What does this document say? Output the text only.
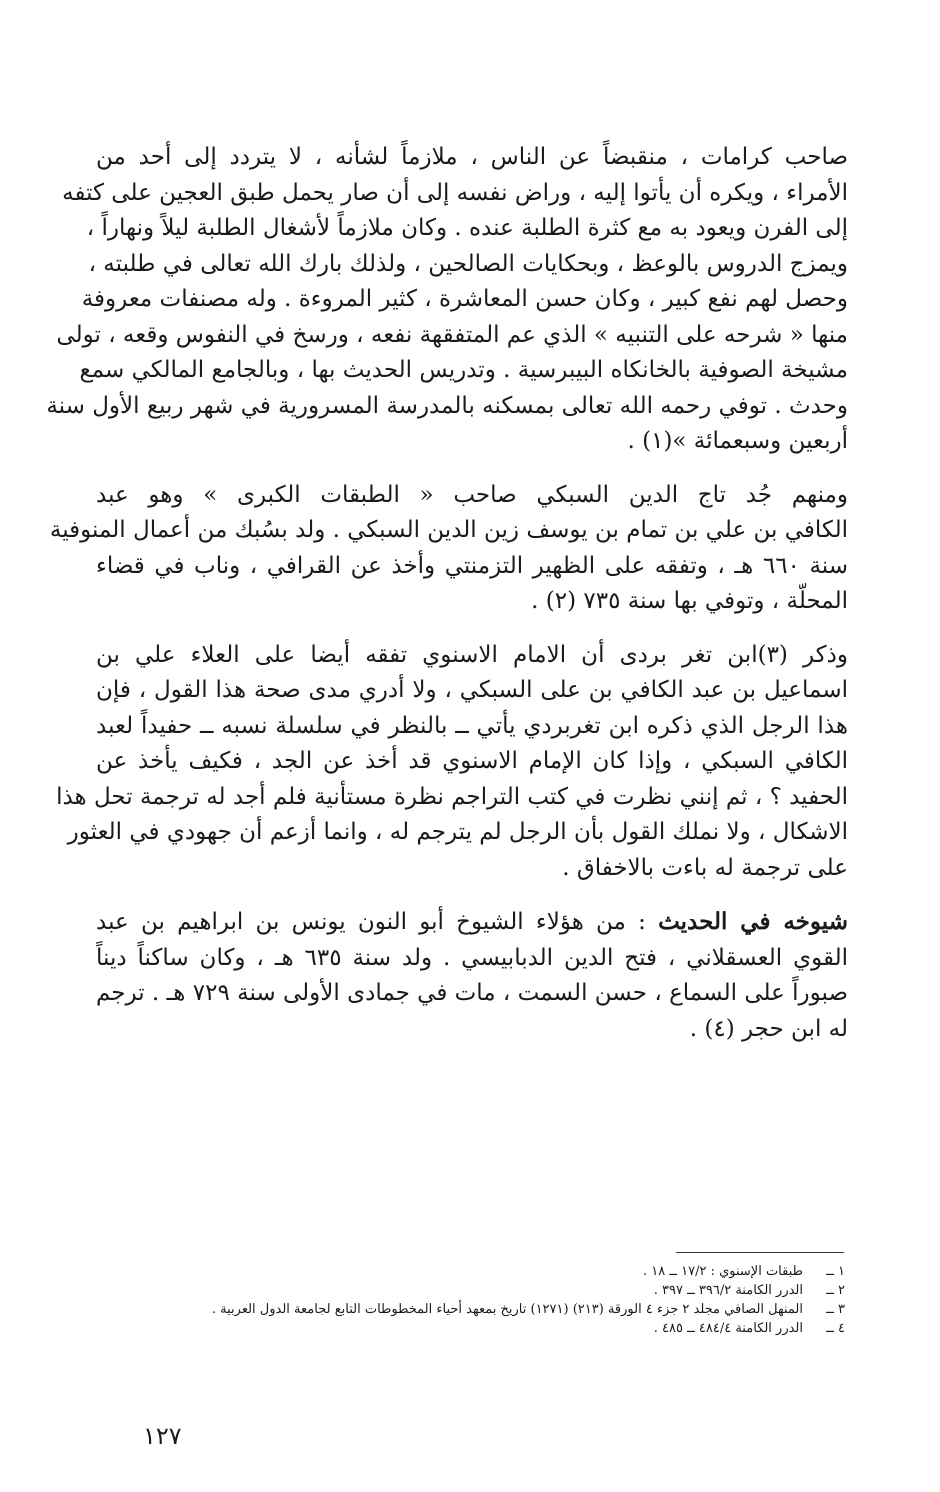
صاحب كرامات ، منقبضاً عن الناس ، ملازماً لشأنه ، لا يتردد إلى أحد من
الأمراء ، ويكره أن يأتوا إليه ، وراض نفسه إلى أن صار يحمل طبق العجين على كتفه
إلى الفرن ويعود به مع كثرة الطلبة عنده . وكان ملازماً لأشغال الطلبة ليلاً ونهاراً ،
ويمزج الدروس بالوعظ ، وبحكايات الصالحين ، ولذلك بارك الله تعالى في طلبته ،
وحصل لهم نفع كبير ، وكان حسن المعاشرة ، كثير المروءة . وله مصنفات معروفة
منها « شرحه على التنبيه » الذي عم المتفقهة نفعه ، ورسخ في النفوس وقعه ، تولى
مشيخة الصوفية بالخانكاه البيبرسية . وتدريس الحديث بها ، وبالجامع المالكي سمع
وحدث . توفي رحمه الله تعالى بمسكنه بالمدرسة المسرورية في شهر ربيع الأول سنة
أربعين وسبعمائة »(١) .

ومنهم جُد تاج الدين السبكي صاحب « الطبقات الكبرى » وهو عبد
الكافي بن علي بن تمام بن يوسف زين الدين السبكي . ولد بسُبك من أعمال المنوفية
سنة ٦٦٠ هـ ، وتفقه على الظهير التزمنتي وأخذ عن القرافي ، وناب في قضاء
المحلّة ، وتوفي بها سنة ٧٣٥ (٢) .

وذكر (٣)ابن تغر بردى أن الامام الاسنوي تفقه أيضا على العلاء علي بن
اسماعيل بن عبد الكافي بن على السبكي ، ولا أدري مدى صحة هذا القول ، فإن
هذا الرجل الذي ذكره ابن تغربردي يأتي ــ بالنظر في سلسلة نسبه ــ حفيداً لعبد
الكافي السبكي ، وإذا كان الإمام الاسنوي قد أخذ عن الجد ، فكيف يأخذ عن
الحفيد ؟ ، ثم إنني نظرت في كتب التراجم نظرة مستأنية فلم أجد له ترجمة تحل هذا
الاشكال ، ولا نملك القول بأن الرجل لم يترجم له ، وانما أزعم أن جهودي في العثور
على ترجمة له باءت بالاخفاق .

شيوخه في الحديث : من هؤلاء الشيوخ أبو النون يونس بن ابراهيم بن عبد
القوي العسقلاني ، فتح الدين الدبابيسي . ولد سنة ٦٣٥ هـ ، وكان ساكناً ديناً
صبوراً على السماع ، حسن السمت ، مات في جمادى الأولى سنة ٧٢٩ هـ . ترجم
له ابن حجر (٤) .

١ ــطبقات الإسنوي : ١٧/٢ ــ ١٨ .
٢ ــالدرر الكامنة ٣٩٦/٢ ــ ٣٩٧ .
٣ ــالمنهل الصافي مجلد ٢ جزء ٤ الورقة (٢١٣) (١٢٧١) تاريخ بمعهد أحياء المخطوطات التابع لجامعة الدول العربية .
٤ ــالدرر الكامنة ٤٨٤/٤ ــ ٤٨٥ .
١٢٧
